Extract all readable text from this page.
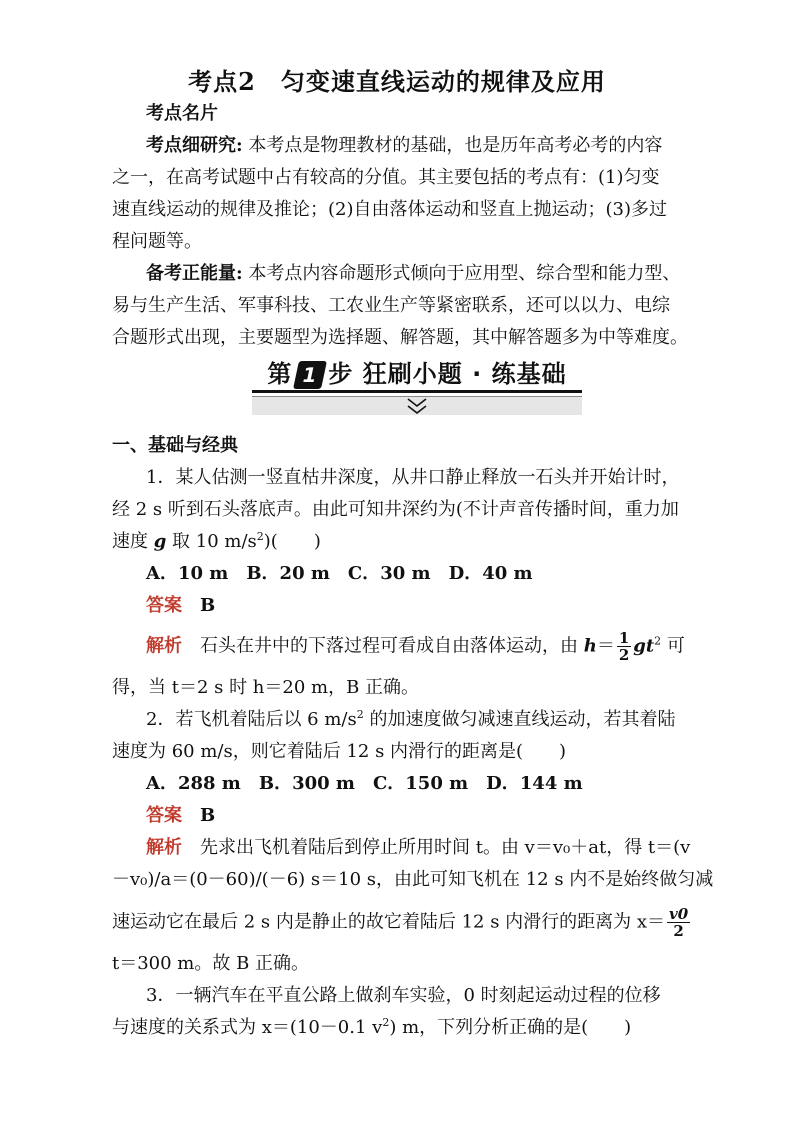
考点2　匀变速直线运动的规律及应用
考点名片
考点细研究: 本考点是物理教材的基础，也是历年高考必考的内容
之一，在高考试题中占有较高的分值。其主要包括的考点有：(1)匀变
速直线运动的规律及推论；(2)自由落体运动和竖直上抛运动；(3)多过
程问题等。
备考正能量: 本考点内容命题形式倾向于应用型、综合型和能力型、
易与生产生活、军事科技、工农业生产等紧密联系，还可以以力、电综
合题形式出现，主要题型为选择题、解答题，其中解答题多为中等难度。
第 1 步 狂刷小题 · 练基础
一、基础与经典
1．某人估测一竖直枯井深度，从井口静止释放一石头并开始计时，
经 2 s 听到石头落底声。由此可知井深约为(不计声音传播时间，重力加
速度 g 取 10 $m/s^2$)(　　)
A．10 m　B．20 m　C．30 m　D．40 m
答案　 B
解析　 石头在井中的下落过程可看成自由落体运动，由 $h= \frac{1}{2} gt^2$ 可
得，当 t＝2 s 时 h＝20 m，B 正确。
2．若飞机着陆后以 6 $m/s^2$ 的加速度做匀减速直线运动，若其着陆
速度为 60 m/s，则它着陆后 12 s 内滑行的距离是(　　)
A．288 m　B．300 m　C．150 m　D．144 m
答案　 B
解析　 先求出飞机着陆后到停止所用时间 t。由 v＝v₀＋at，得 t＝(v
－v₀)/a＝(0－60)/(－6) s＝10 s，由此可知飞机在 12 s 内不是始终做匀减
速运动它在最后 2 s 内是静止的故它着陆后 12 s 内滑行的距离为 $x= \frac{v0}{2}$
t＝300 m。故 B 正确。
3．一辆汽车在平直公路上做刹车实验，0 时刻起运动过程的位移
与速度的关系式为 x＝(10－0.1 $v^2$) m，下列分析正确的是(　　)
